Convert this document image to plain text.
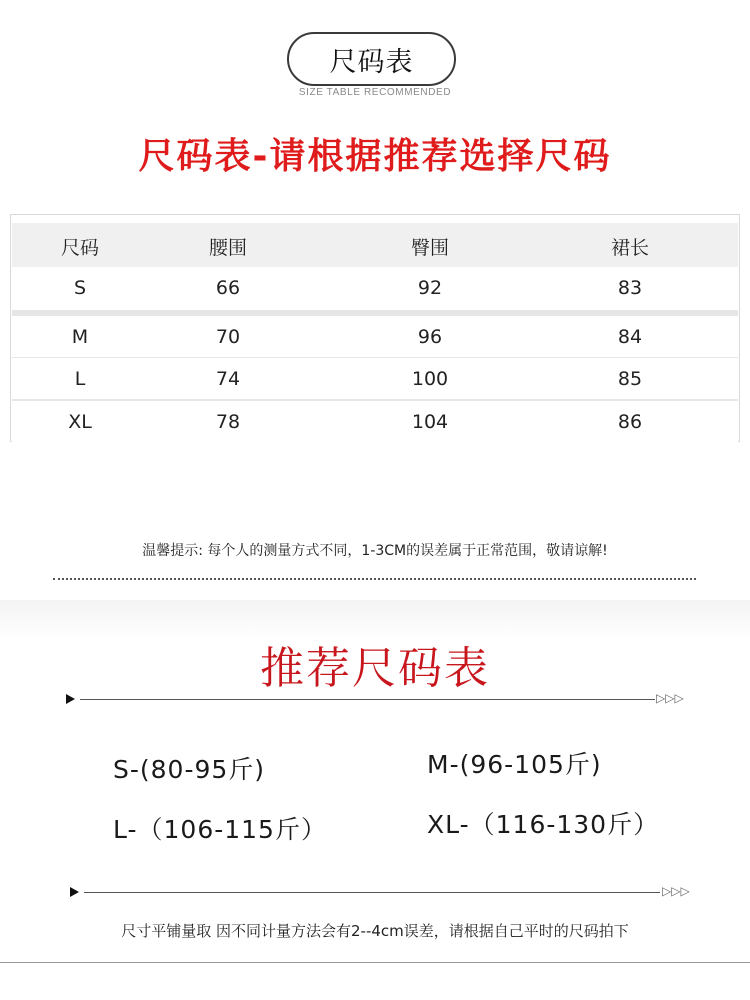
尺码表
SIZE TABLE RECOMMENDED
尺码表-请根据推荐选择尺码
尺码	腰围	臀围	裙长
S	66	92	83
M	70	96	84
L	74	100	85
XL	78	104	86
温馨提示: 每个人的测量方式不同，1-3CM的误差属于正常范围，敬请谅解!
推荐尺码表
▷▷▷
S-(80-95斤)	M-(96-105斤)
L-（106-115斤）	XL-（116-130斤）
▷▷▷
尺寸平铺量取 因不同计量方法会有2--4cm误差，请根据自己平时的尺码拍下
